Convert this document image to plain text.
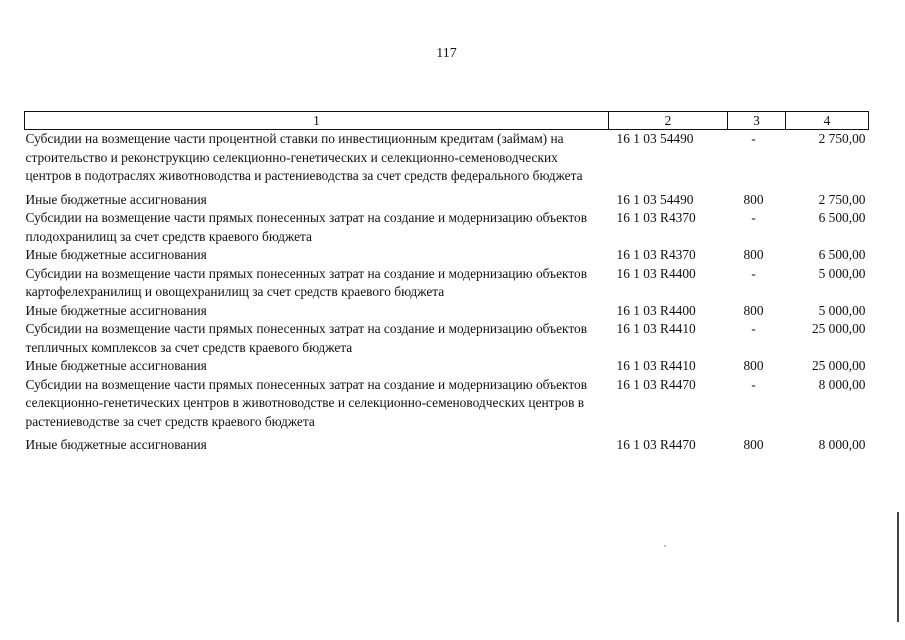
117
1	2	3	4
Субсидии на возмещение части процентной ставки по инвестиционным кредитам (займам) на строительство и реконструкцию селекционно-генетических и селекционно-семеноводческих центров в подотраслях животноводства и растениеводства за счет средств федерального бюджета	16 1 03 54490	-	2 750,00
Иные бюджетные ассигнования	16 1 03 54490	800	2 750,00
Субсидии на возмещение части прямых понесенных затрат на создание и модернизацию объектов плодохранилищ за счет средств краевого бюджета	16 1 03 R4370	-	6 500,00
Иные бюджетные ассигнования	16 1 03 R4370	800	6 500,00
Субсидии на возмещение части прямых понесенных затрат на создание и модернизацию объектов картофелехранилищ и овощехранилищ за счет средств краевого бюджета	16 1 03 R4400	-	5 000,00
Иные бюджетные ассигнования	16 1 03 R4400	800	5 000,00
Субсидии на возмещение части прямых понесенных затрат на создание и модернизацию объектов тепличных комплексов за счет средств краевого бюджета	16 1 03 R4410	-	25 000,00
Иные бюджетные ассигнования	16 1 03 R4410	800	25 000,00
Субсидии на возмещение части прямых понесенных затрат на создание и модернизацию объектов селекционно-генетических центров в животноводстве и селекционно-семеноводческих центров в растениеводстве за счет средств краевого бюджета	16 1 03 R4470	-	8 000,00
Иные бюджетные ассигнования	16 1 03 R4470	800	8 000,00
